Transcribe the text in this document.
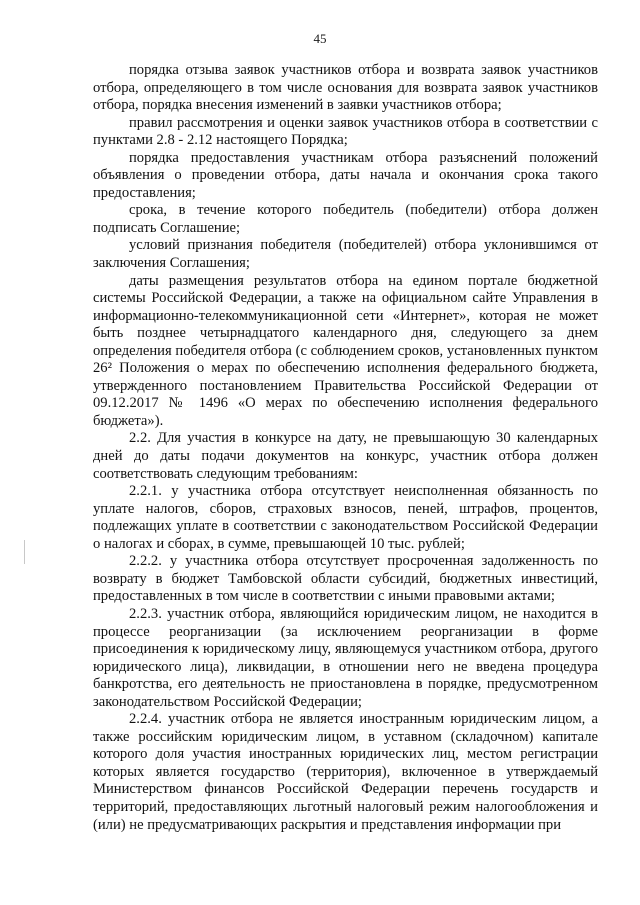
45

порядка отзыва заявок участников отбора и возврата заявок участников отбора, определяющего в том числе основания для возврата заявок участников отбора, порядка внесения изменений в заявки участников отбора;

правил рассмотрения и оценки заявок участников отбора в соответствии с пунктами 2.8 - 2.12 настоящего Порядка;

порядка предоставления участникам отбора разъяснений положений объявления о проведении отбора, даты начала и окончания срока такого предоставления;

срока, в течение которого победитель (победители) отбора должен подписать Соглашение;

условий признания победителя (победителей) отбора уклонившимся от заключения Соглашения;

даты размещения результатов отбора на едином портале бюджетной системы Российской Федерации, а также на официальном сайте Управления в информационно-телекоммуникационной сети «Интернет», которая не может быть позднее четырнадцатого календарного дня, следующего за днем определения победителя отбора (с соблюдением сроков, установленных пунктом 26² Положения о мерах по обеспечению исполнения федерального бюджета, утвержденного постановлением Правительства Российской Федерации от 09.12.2017 № 1496 «О мерах по обеспечению исполнения федерального бюджета»).

2.2. Для участия в конкурсе на дату, не превышающую 30 календарных дней до даты подачи документов на конкурс, участник отбора должен соответствовать следующим требованиям:

2.2.1. у участника отбора отсутствует неисполненная обязанность по уплате налогов, сборов, страховых взносов, пеней, штрафов, процентов, подлежащих уплате в соответствии с законодательством Российской Федерации о налогах и сборах, в сумме, превышающей 10 тыс. рублей;

2.2.2. у участника отбора отсутствует просроченная задолженность по возврату в бюджет Тамбовской области субсидий, бюджетных инвестиций, предоставленных в том числе в соответствии с иными правовыми актами;

2.2.3. участник отбора, являющийся юридическим лицом, не находится в процессе реорганизации (за исключением реорганизации в форме присоединения к юридическому лицу, являющемуся участником отбора, другого юридического лица), ликвидации, в отношении него не введена процедура банкротства, его деятельность не приостановлена в порядке, предусмотренном законодательством Российской Федерации;

2.2.4. участник отбора не является иностранным юридическим лицом, а также российским юридическим лицом, в уставном (складочном) капитале которого доля участия иностранных юридических лиц, местом регистрации которых является государство (территория), включенное в утверждаемый Министерством финансов Российской Федерации перечень государств и территорий, предоставляющих льготный налоговый режим налогообложения и (или) не предусматривающих раскрытия и представления информации при
